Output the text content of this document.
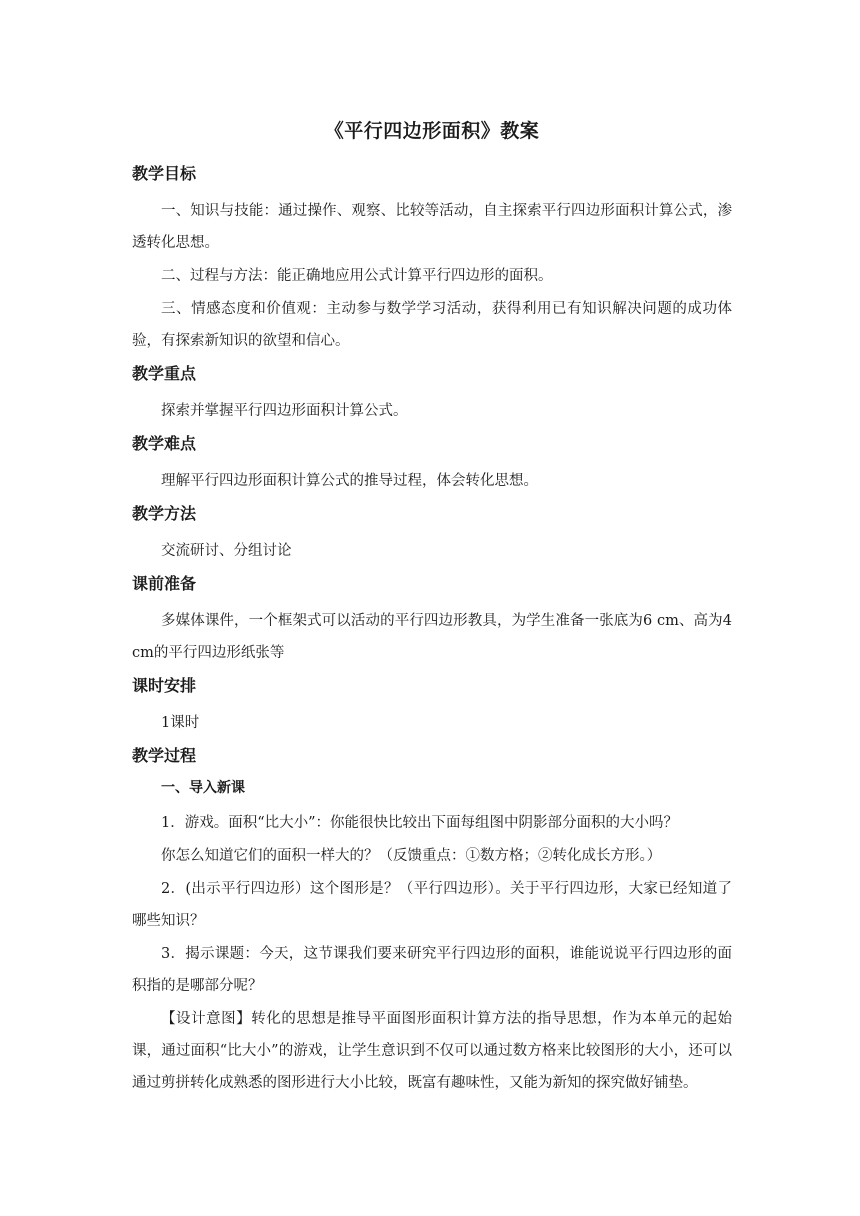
《平行四边形面积》教案
教学目标
一、知识与技能：通过操作、观察、比较等活动，自主探索平行四边形面积计算公式，渗透转化思想。
二、过程与方法：能正确地应用公式计算平行四边形的面积。
三、情感态度和价值观：主动参与数学学习活动，获得利用已有知识解决问题的成功体验，有探索新知识的欲望和信心。
教学重点
探索并掌握平行四边形面积计算公式。
教学难点
理解平行四边形面积计算公式的推导过程，体会转化思想。
教学方法
交流研讨、分组讨论
课前准备
多媒体课件，一个框架式可以活动的平行四边形教具，为学生准备一张底为6 cm、高为4 cm的平行四边形纸张等
课时安排
1课时
教学过程
一、导入新课
1．游戏。面积“比大小”：你能很快比较出下面每组图中阴影部分面积的大小吗？
你怎么知道它们的面积一样大的？（反馈重点：①数方格；②转化成长方形。）
2．(出示平行四边形）这个图形是？（平行四边形）。关于平行四边形，大家已经知道了哪些知识？
3．揭示课题：今天，这节课我们要来研究平行四边形的面积，谁能说说平行四边形的面积指的是哪部分呢？
【设计意图】转化的思想是推导平面图形面积计算方法的指导思想，作为本单元的起始课，通过面积“比大小”的游戏，让学生意识到不仅可以通过数方格来比较图形的大小，还可以通过剪拼转化成熟悉的图形进行大小比较，既富有趣味性，又能为新知的探究做好铺垫。
